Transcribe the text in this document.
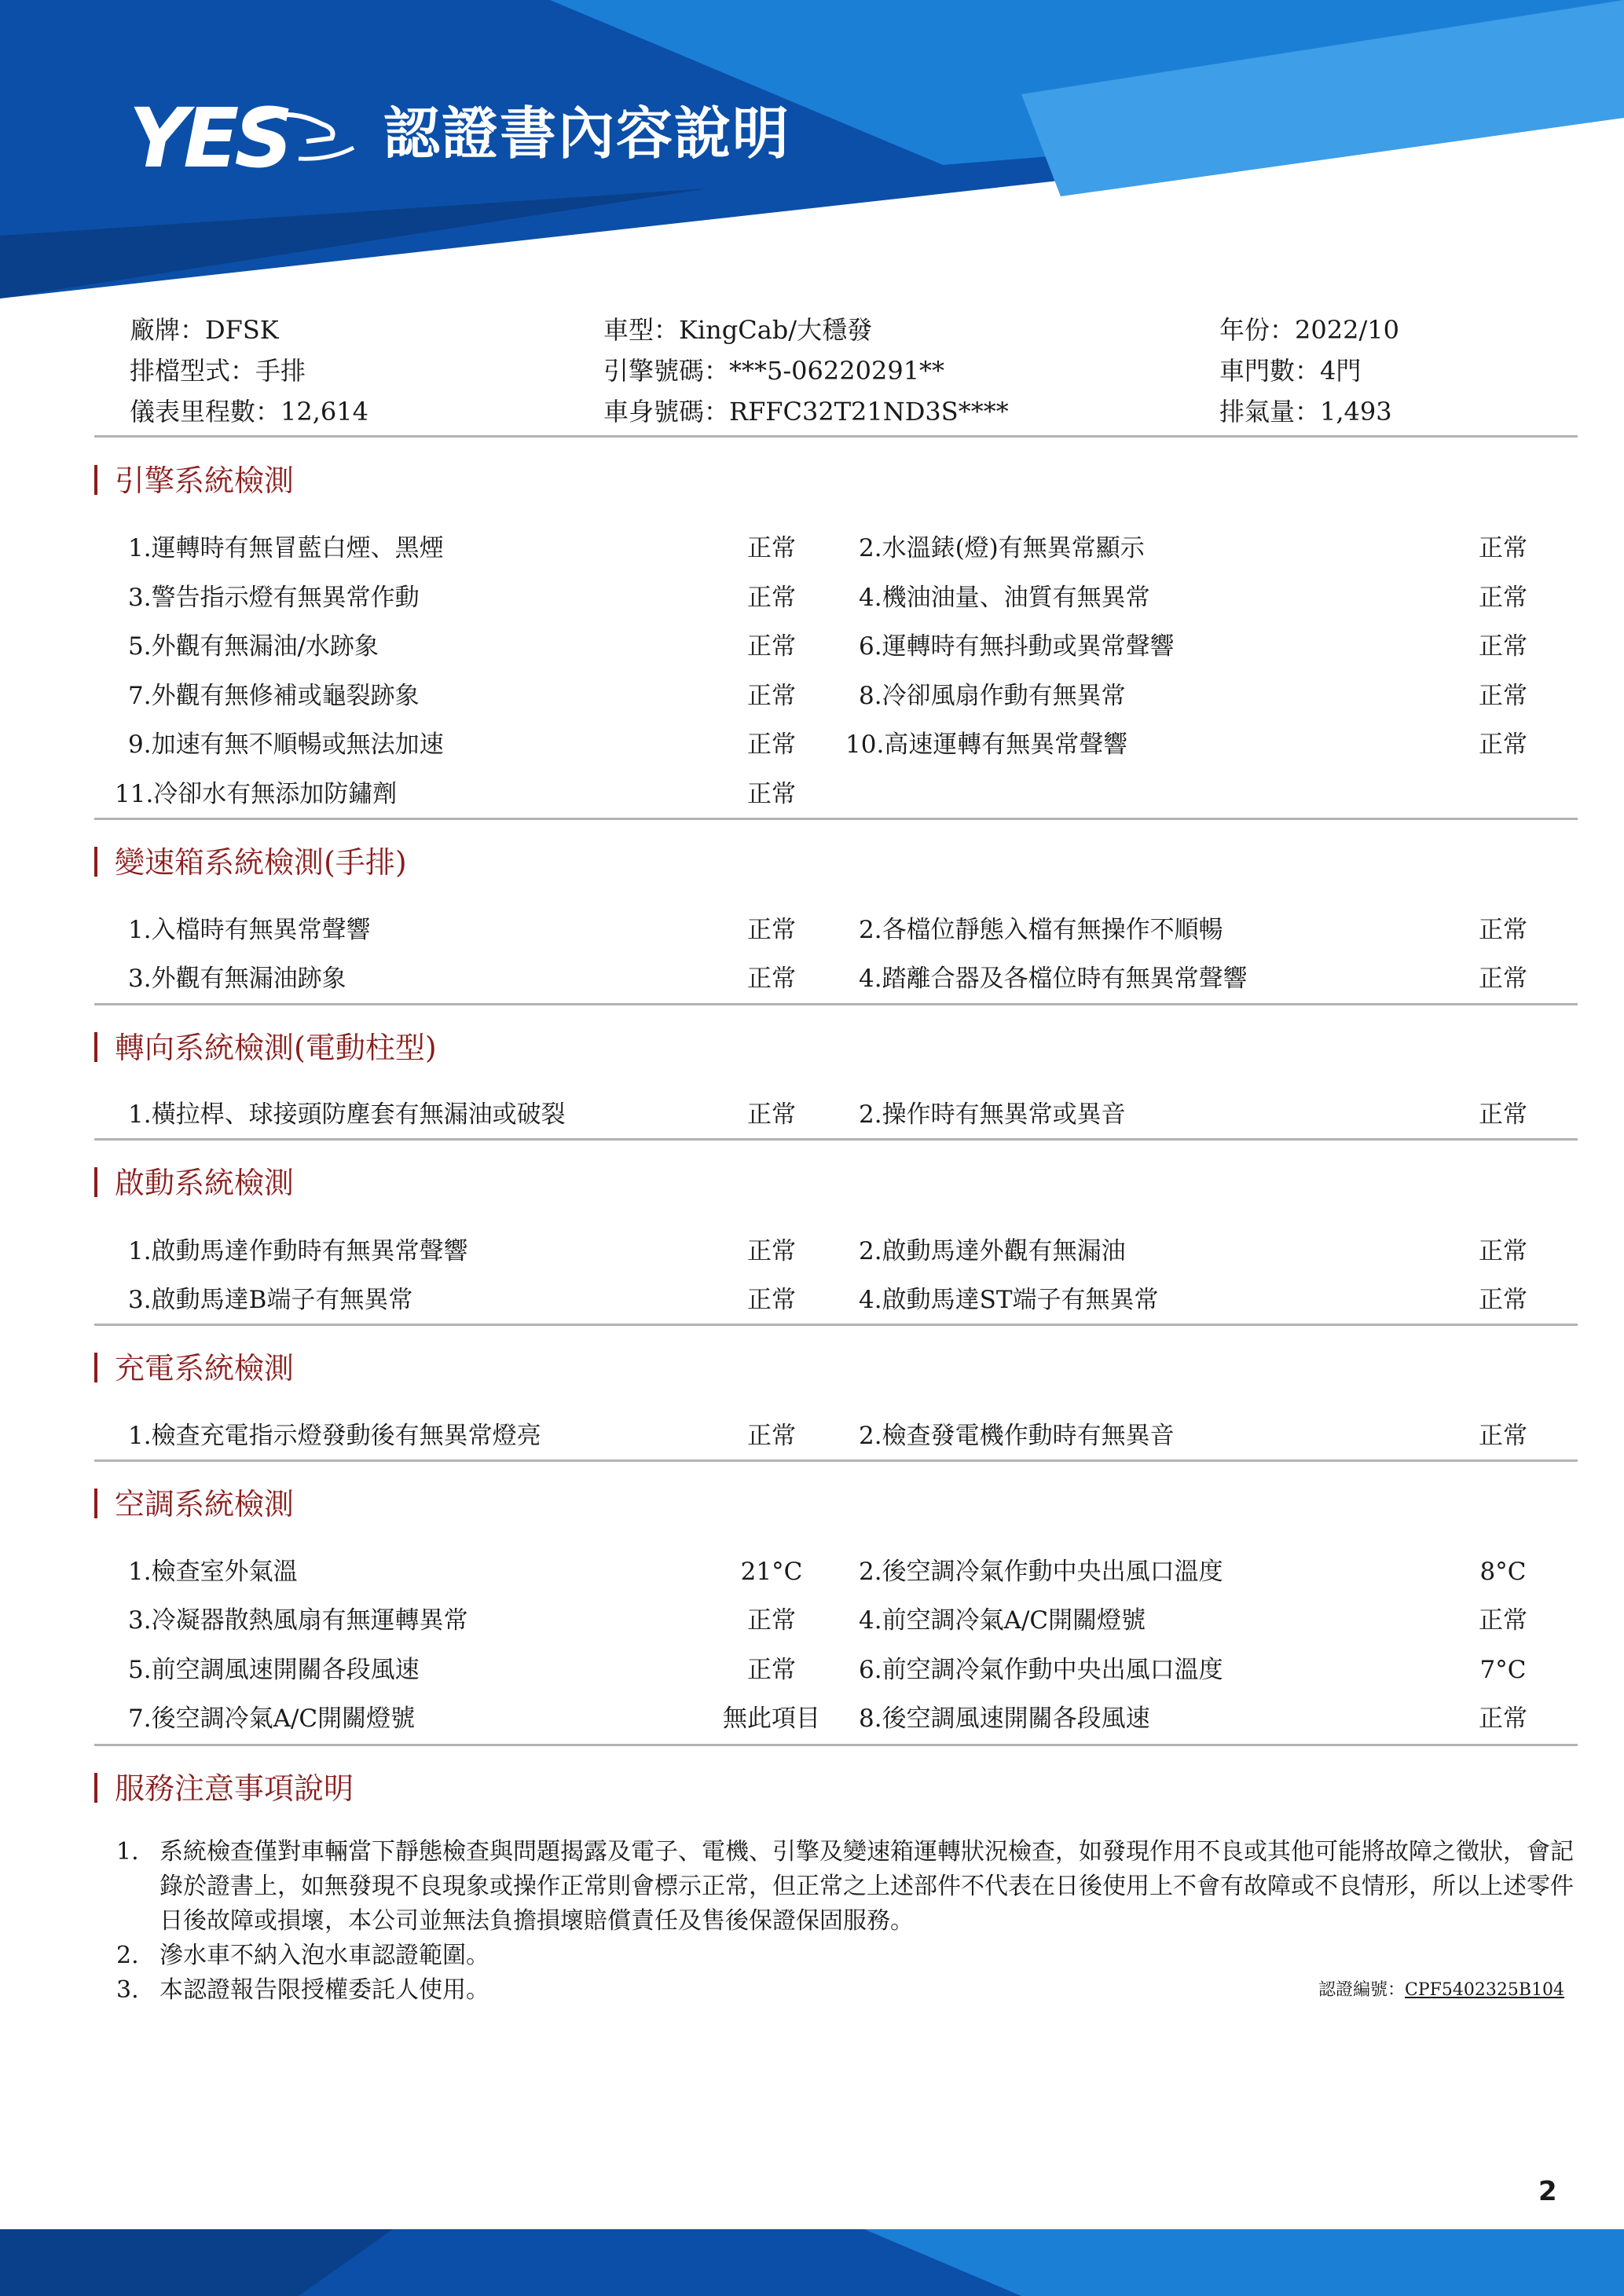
YES 認證書內容說明
廠牌：DFSK	車型：KingCab/大穩發	年份：2022/10
排檔型式：手排	引擎號碼：***5-06220291**	車門數：4門
儀表里程數：12,614	車身號碼：RFFC32T21ND3S****	排氣量：1,493
引擎系統檢測
1.運轉時有無冒藍白煙、黑煙	正常	2.水溫錶(燈)有無異常顯示	正常
3.警告指示燈有無異常作動	正常	4.機油油量、油質有無異常	正常
5.外觀有無漏油/水跡象	正常	6.運轉時有無抖動或異常聲響	正常
7.外觀有無修補或龜裂跡象	正常	8.冷卻風扇作動有無異常	正常
9.加速有無不順暢或無法加速	正常	10.高速運轉有無異常聲響	正常
11.冷卻水有無添加防鏽劑	正常
變速箱系統檢測(手排)
1.入檔時有無異常聲響	正常	2.各檔位靜態入檔有無操作不順暢	正常
3.外觀有無漏油跡象	正常	4.踏離合器及各檔位時有無異常聲響	正常
轉向系統檢測(電動柱型)
1.橫拉桿、球接頭防塵套有無漏油或破裂	正常	2.操作時有無異常或異音	正常
啟動系統檢測
1.啟動馬達作動時有無異常聲響	正常	2.啟動馬達外觀有無漏油	正常
3.啟動馬達B端子有無異常	正常	4.啟動馬達ST端子有無異常	正常
充電系統檢測
1.檢查充電指示燈發動後有無異常燈亮	正常	2.檢查發電機作動時有無異音	正常
空調系統檢測
1.檢查室外氣溫	21°C	2.後空調冷氣作動中央出風口溫度	8°C
3.冷凝器散熱風扇有無運轉異常	正常	4.前空調冷氣A/C開關燈號	正常
5.前空調風速開關各段風速	正常	6.前空調冷氣作動中央出風口溫度	7°C
7.後空調冷氣A/C開關燈號	無此項目	8.後空調風速開關各段風速	正常
服務注意事項說明
1. 系統檢查僅對車輛當下靜態檢查與問題揭露及電子、電機、引擎及變速箱運轉狀況檢查，如發現作用不良或其他可能將故障之徵狀，會記錄於證書上，如無發現不良現象或操作正常則會標示正常，但正常之上述部件不代表在日後使用上不會有故障或不良情形，所以上述零件日後故障或損壞，本公司並無法負擔損壞賠償責任及售後保證保固服務。
2. 滲水車不納入泡水車認證範圍。
3. 本認證報告限授權委託人使用。	認證編號：CPF5402325B104
2
